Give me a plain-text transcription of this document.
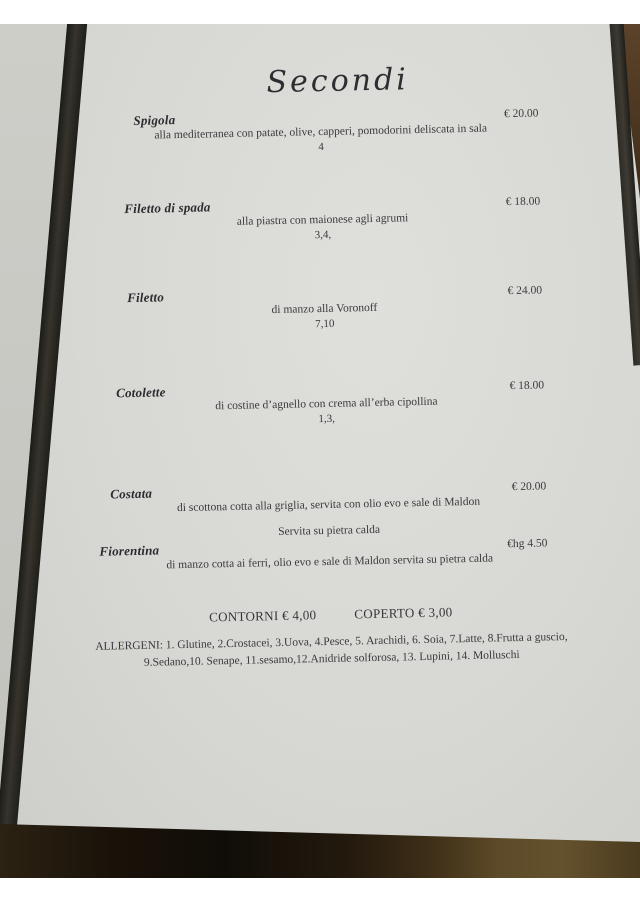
Secondi
Spigola	€ 20.00
alla mediterranea con patate, olive, capperi, pomodorini deliscata in sala
4
Filetto di spada	€ 18.00
alla piastra con maionese agli agrumi
3,4,
Filetto	€ 24.00
di manzo alla Voronoff
7,10
Cotolette	€ 18.00
di costine d’agnello con crema all’erba cipollina
1,3,
Costata	€ 20.00
di scottona cotta alla griglia, servita con olio evo e sale di Maldon
Servita su pietra calda
Fiorentina	€hg 4.50
di manzo cotta ai ferri, olio evo e sale di Maldon servita su pietra calda
CONTORNI € 4,00	COPERTO € 3,00
ALLERGENI: 1. Glutine, 2.Crostacei, 3.Uova, 4.Pesce, 5. Arachidi, 6. Soia, 7.Latte, 8.Frutta a guscio,
9.Sedano,10. Senape, 11.sesamo,12.Anidride solforosa, 13. Lupini, 14. Molluschi
